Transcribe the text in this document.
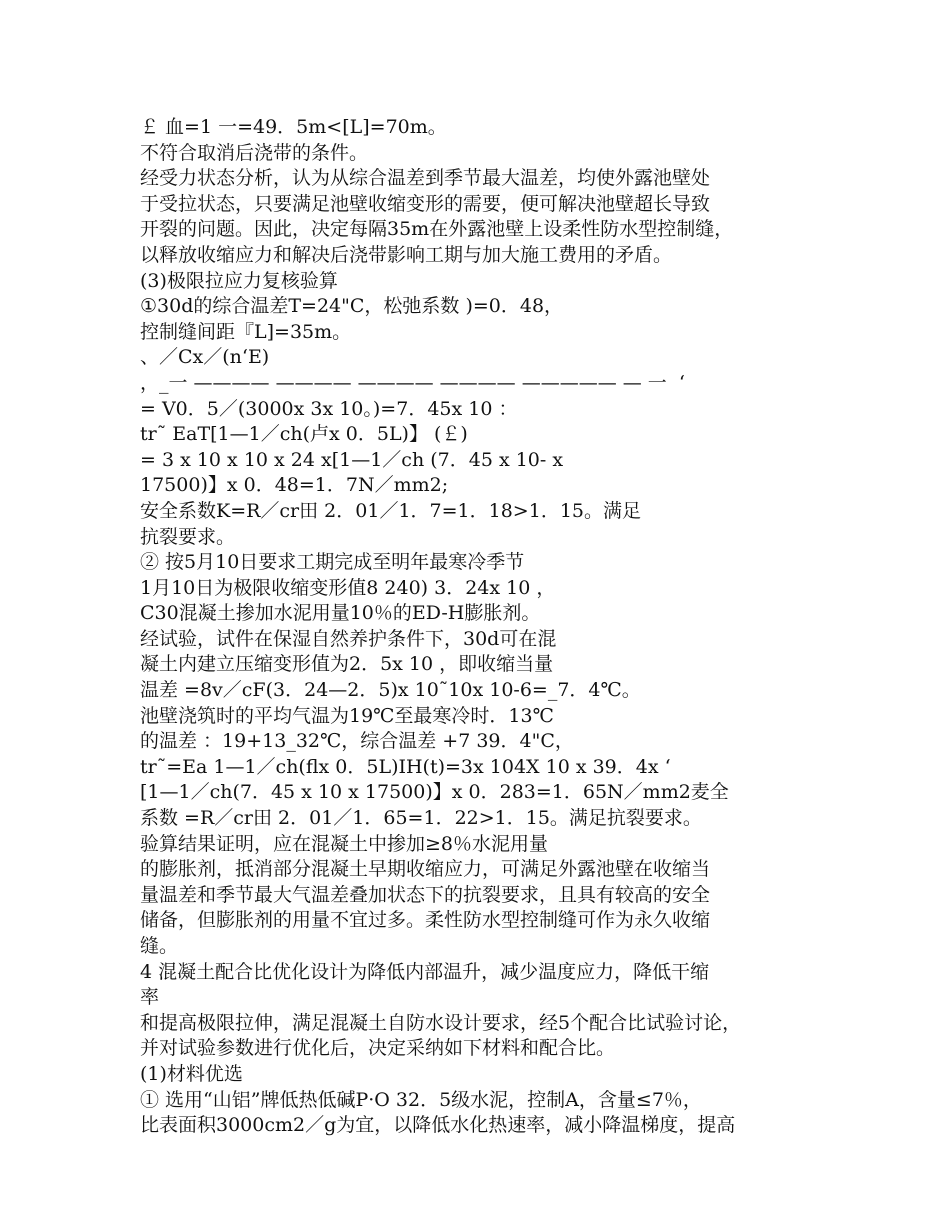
￡ 血=1 一=49．5m<[L]=70m。
不符合取消后浇带的条件。
经受力状态分析，认为从综合温差到季节最大温差，均使外露池壁处
于受拉状态，只要满足池壁收缩变形的需要，便可解决池壁超长导致
开裂的问题。因此，决定每隔35m在外露池壁上设柔性防水型控制缝，
以释放收缩应力和解决后浇带影响工期与加大施工费用的矛盾。
(3)极限拉应力复核验算
①30d的综合温差T=24"C，松弛系数 )=0．48，
控制缝间距『L]=35m。
、／Cx／(n‘E)
，_一 ———— ———— ———— ———— ————— — 一  ‘
= V0．5／(3000x 3x 10。)=7．45x 10 ：
tr˜ EaT[1—1／ch(卢x 0．5L)】 (￡)
= 3 x 10 x 10 x 24 x[1—1／ch (7．45 x 10- x
17500)】x 0．48=1．7N／mm2;
安全系数K=R／cr田 2．01／1．7=1．18>1．15。满足
抗裂要求。
② 按5月10日要求工期完成至明年最寒冷季节
1月10日为极限收缩变形值8 240) 3．24x 10 ，
C30混凝土掺加水泥用量10％的ED-H膨胀剂。
经试验，试件在保湿自然养护条件下，30d可在混
凝土内建立压缩变形值为2．5x 10 ，即收缩当量
温差 =8v／cF(3．24—2．5)x 10˜10x 10-6=_7．4℃。
池壁浇筑时的平均气温为19℃至最寒冷时．13℃
的温差 ：19+13_32℃，综合温差 +7 39．4"C，
tr˜=Ea 1—1／ch(flx 0．5L)IH(t)=3x 104X 10 x 39．4x ‘
[1—1／ch(7．45 x 10 x 17500)】x 0．283=1．65N／mm2麦全
系数 =R／cr田 2．01／1．65=1．22>1．15。满足抗裂要求。
验算结果证明，应在混凝土中掺加≥8％水泥用量
的膨胀剂，抵消部分混凝土早期收缩应力，可满足外露池壁在收缩当
量温差和季节最大气温差叠加状态下的抗裂要求，且具有较高的安全
储备，但膨胀剂的用量不宜过多。柔性防水型控制缝可作为永久收缩
缝。
4 混凝土配合比优化设计为降低内部温升，减少温度应力，降低干缩
率
和提高极限拉伸，满足混凝土自防水设计要求，经5个配合比试验讨论，
并对试验参数进行优化后，决定采纳如下材料和配合比。
(1)材料优选
① 选用“山铝”牌低热低碱P·O 32．5级水泥，控制A，含量≤7％，
比表面积3000cm2／g为宜，以降低水化热速率，减小降温梯度，提高
